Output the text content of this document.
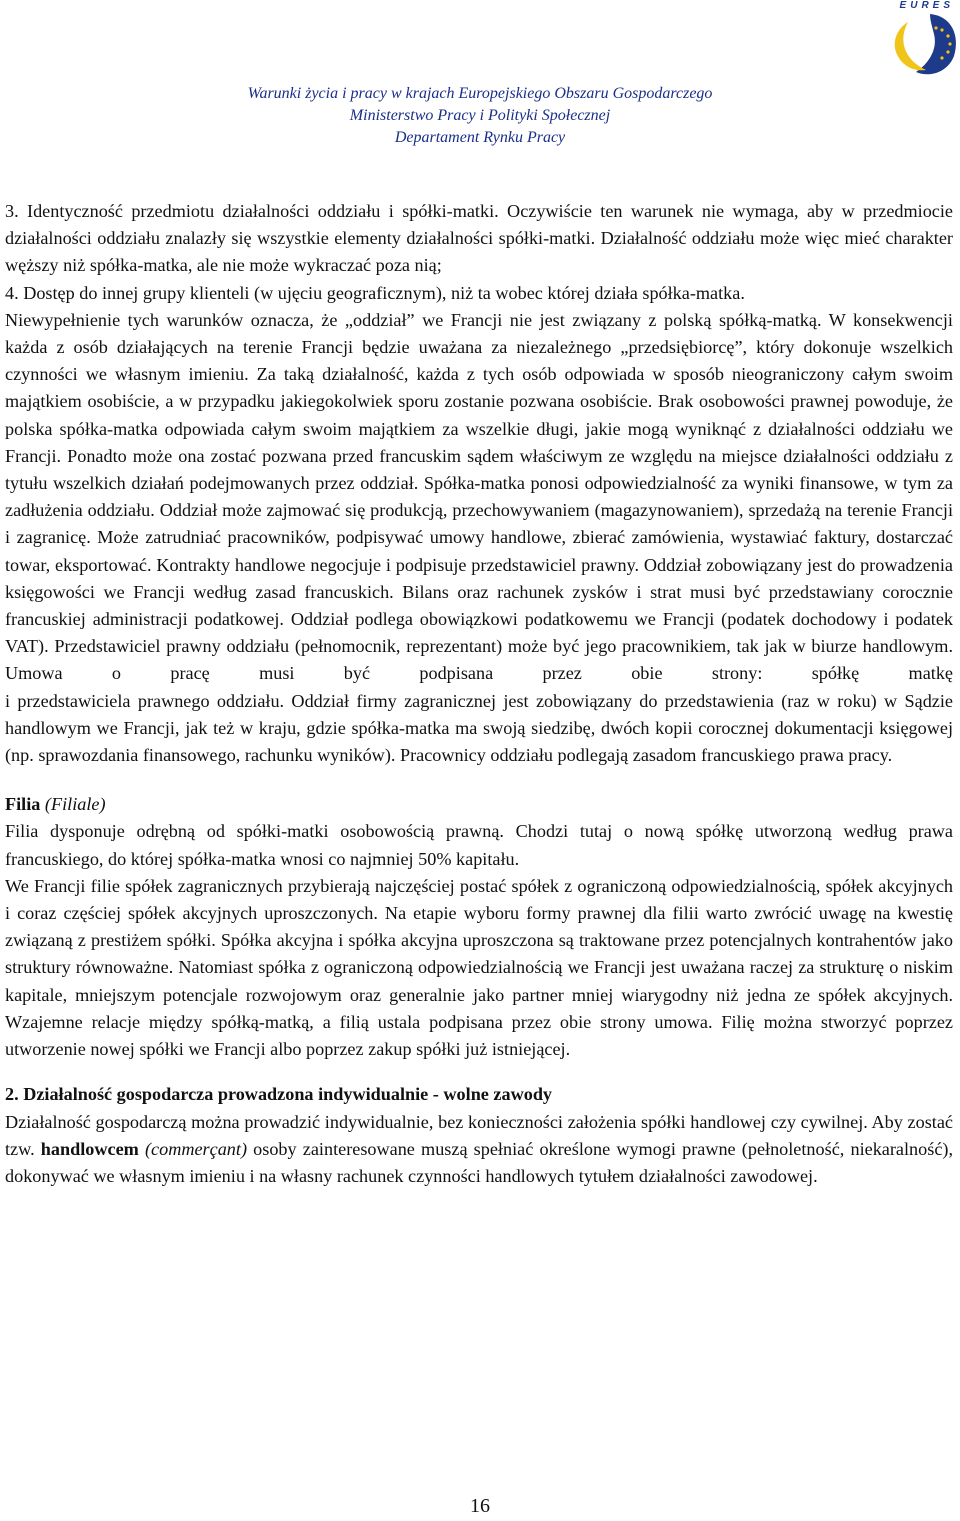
EURES
Warunki życia i pracy w krajach Europejskiego Obszaru Gospodarczego
Ministerstwo Pracy i Polityki Społecznej
Departament Rynku Pracy

3. Identyczność przedmiotu działalności oddziału i spółki-matki. Oczywiście ten warunek nie wymaga, aby w przedmiocie działalności oddziału znalazły się wszystkie elementy działalności spółki-matki. Działalność oddziału może więc mieć charakter węższy niż spółka-matka, ale nie może wykraczać poza nią;

4. Dostęp do innej grupy klienteli (w ujęciu geograficznym), niż ta wobec której działa spółka-matka.

Niewypełnienie tych warunków oznacza, że „oddział” we Francji nie jest związany z polską spółką-matką. W konsekwencji każda z osób działających na terenie Francji będzie uważana za niezależnego „przedsiębiorcę”, który dokonuje wszelkich czynności we własnym imieniu. Za taką działalność, każda z tych osób odpowiada w sposób nieograniczony całym swoim majątkiem osobiście, a w przypadku jakiegokolwiek sporu zostanie pozwana osobiście. Brak osobowości prawnej powoduje, że polska spółka-matka odpowiada całym swoim majątkiem za wszelkie długi, jakie mogą wyniknąć z działalności oddziału we Francji. Ponadto może ona zostać pozwana przed francuskim sądem właściwym ze względu na miejsce działalności oddziału z tytułu wszelkich działań podejmowanych przez oddział. Spółka-matka ponosi odpowiedzialność za wyniki finansowe, w tym za zadłużenia oddziału. Oddział może zajmować się produkcją, przechowywaniem (magazynowaniem), sprzedażą na terenie Francji i zagranicę. Może zatrudniać pracowników, podpisywać umowy handlowe, zbierać zamówienia, wystawiać faktury, dostarczać towar, eksportować. Kontrakty handlowe negocjuje i podpisuje przedstawiciel prawny. Oddział zobowiązany jest do prowadzenia księgowości we Francji według zasad francuskich. Bilans oraz rachunek zysków i strat musi być przedstawiany corocznie francuskiej administracji podatkowej. Oddział podlega obowiązkowi podatkowemu we Francji (podatek dochodowy i podatek VAT). Przedstawiciel prawny oddziału (pełnomocnik, reprezentant) może być jego pracownikiem, tak jak w biurze handlowym. Umowa o pracę musi być podpisana przez obie strony: spółkę matkę

i przedstawiciela prawnego oddziału. Oddział firmy zagranicznej jest zobowiązany do przedstawienia (raz w roku) w Sądzie handlowym we Francji, jak też w kraju, gdzie spółka-matka ma swoją siedzibę, dwóch kopii corocznej dokumentacji księgowej (np. sprawozdania finansowego, rachunku wyników). Pracownicy oddziału podlegają zasadom francuskiego prawa pracy.

Filia (Filiale)

Filia dysponuje odrębną od spółki-matki osobowością prawną. Chodzi tutaj o nową spółkę utworzoną według prawa francuskiego, do której spółka-matka wnosi co najmniej 50% kapitału.

We Francji filie spółek zagranicznych przybierają najczęściej postać spółek z ograniczoną odpowiedzialnością, spółek akcyjnych i coraz częściej spółek akcyjnych uproszczonych. Na etapie wyboru formy prawnej dla filii warto zwrócić uwagę na kwestię związaną z prestiżem spółki. Spółka akcyjna i spółka akcyjna uproszczona są traktowane przez potencjalnych kontrahentów jako struktury równoważne. Natomiast spółka z ograniczoną odpowiedzialnością we Francji jest uważana raczej za strukturę o niskim kapitale, mniejszym potencjale rozwojowym oraz generalnie jako partner mniej wiarygodny niż jedna ze spółek akcyjnych. Wzajemne relacje między spółką-matką, a filią ustala podpisana przez obie strony umowa. Filię można stworzyć poprzez utworzenie nowej spółki we Francji albo poprzez zakup spółki już istniejącej.

2. Działalność gospodarcza prowadzona indywidualnie - wolne zawody

Działalność gospodarczą można prowadzić indywidualnie, bez konieczności założenia spółki handlowej czy cywilnej. Aby zostać tzw. handlowcem (commerçant) osoby zainteresowane muszą spełniać określone wymogi prawne (pełnoletność, niekaralność), dokonywać we własnym imieniu i na własny rachunek czynności handlowych tytułem działalności zawodowej.

16
